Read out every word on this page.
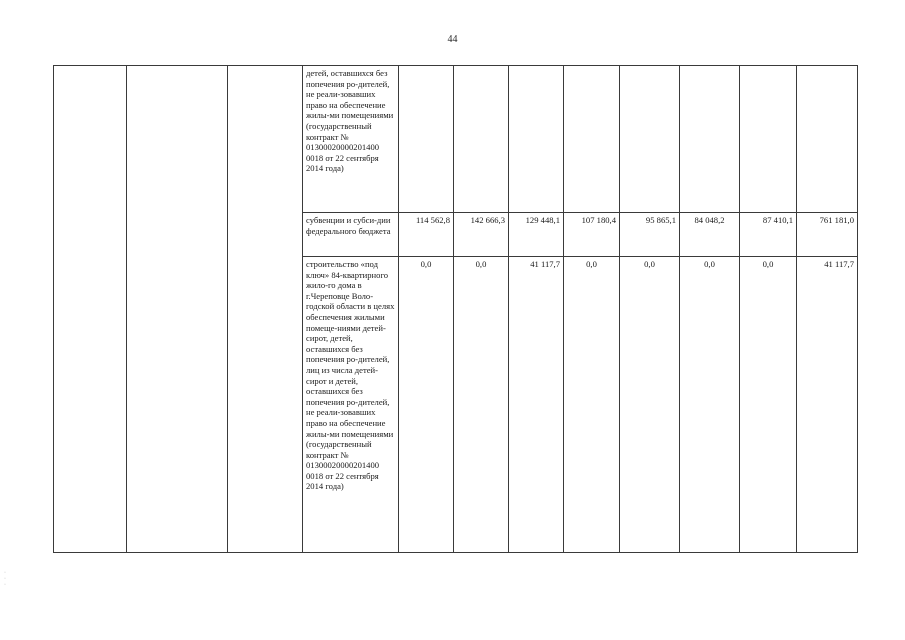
44
			детей, оставшихся без попечения ро-дителей, не реали-зовавших право на обеспечение жилы-ми помещениями (государственный контракт № 01300020000201400 0018 от 22 сентября 2014 года)								
			субвенции и субси-дии федерального бюджета	114 562,8	142 666,3	129 448,1	107 180,4	95 865,1	84 048,2	87 410,1	761 181,0
			строительство «под ключ» 84-квартирного жило-го дома в г.Череповце Воло-годской области в целях обеспечения жилыми помеще-ниями детей-сирот, детей, оставшихся без попечения ро-дителей, лиц из числа детей-сирот и детей, оставшихся без попечения ро-дителей, не реали-зовавших право на обеспечение жилы-ми помещениями (государственный контракт № 01300020000201400 0018 от 22 сентября 2014 года)	0,0	0,0	41 117,7	0,0	0,0	0,0	0,0	41 117,7
·
·
·
